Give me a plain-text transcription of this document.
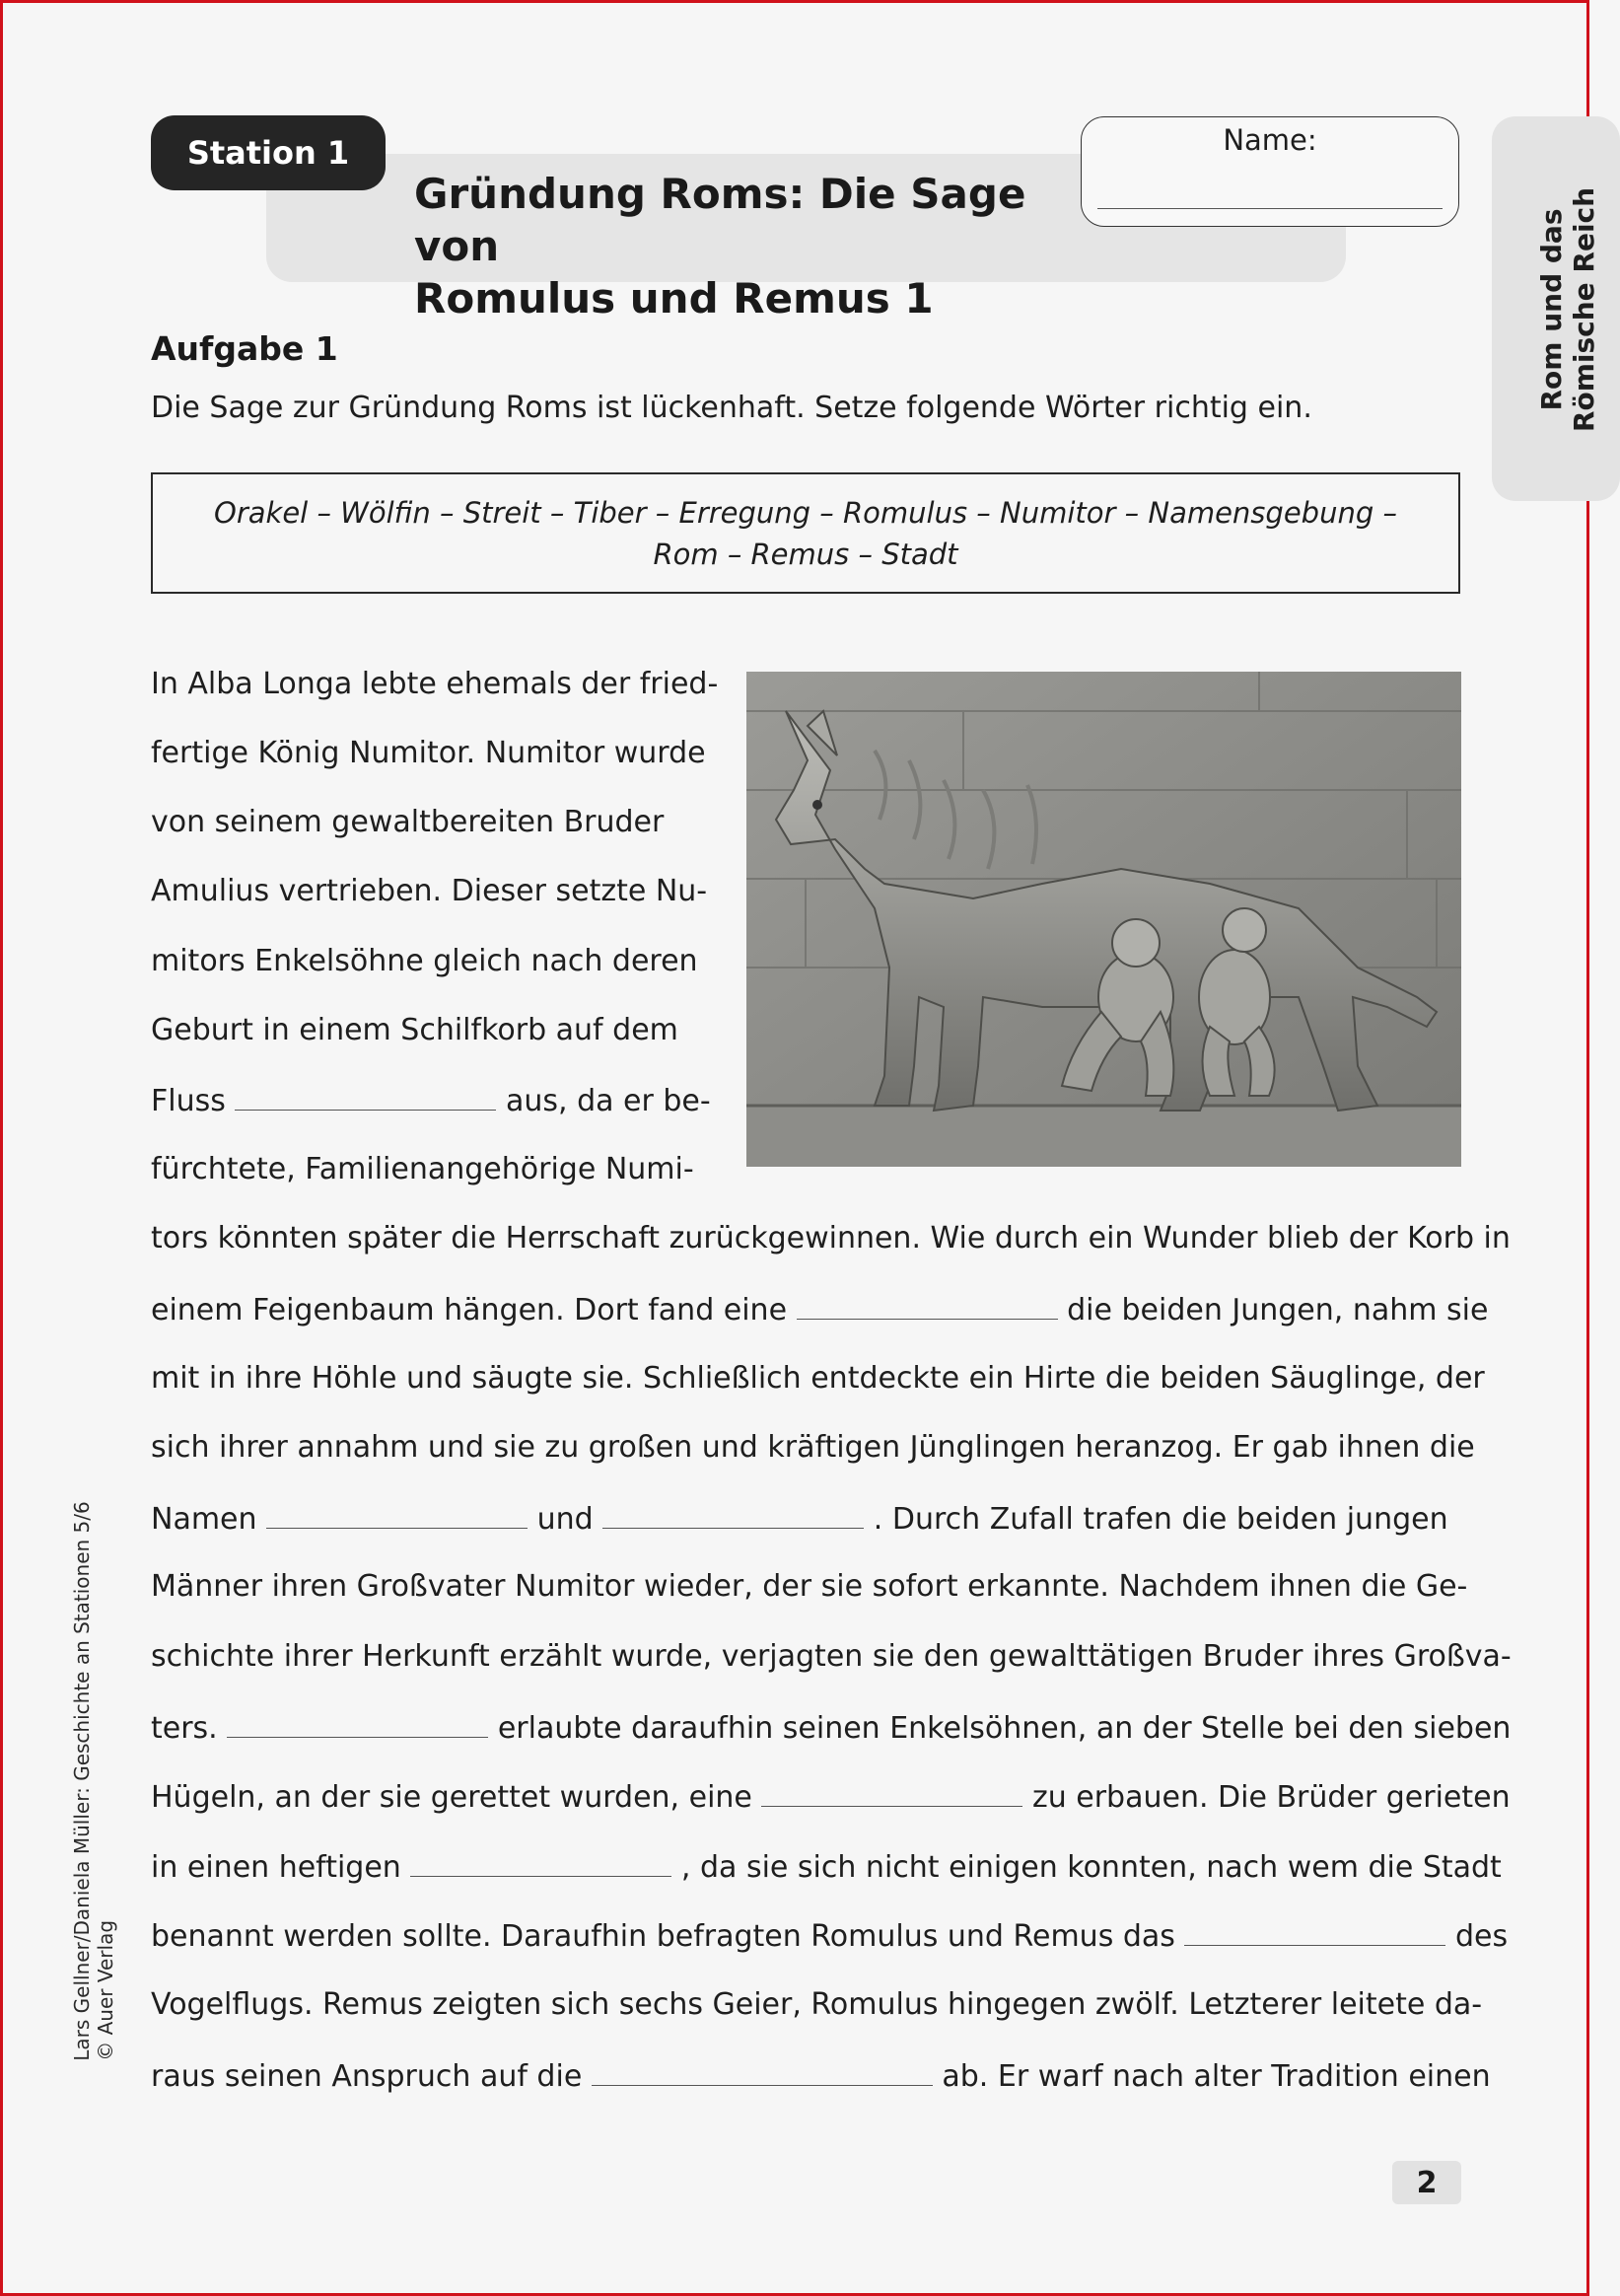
Station 1
Gründung Roms: Die Sage von
Romulus und Remus 1
Name:
Rom und das Römische Reich
Aufgabe 1
Die Sage zur Gründung Roms ist lückenhaft. Setze folgende Wörter richtig ein.
Orakel – Wölfin – Streit – Tiber – Erregung – Romulus – Numitor – Namensgebung –
Rom – Remus – Stadt
In Alba Longa lebte ehemals der fried-
fertige König Numitor. Numitor wurde
von seinem gewaltbereiten Bruder
Amulius vertrieben. Dieser setzte Nu-
mitors Enkelsöhne gleich nach deren
Geburt in einem Schilfkorb auf dem
Fluss	aus, da er be-
fürchtete, Familienangehörige Numi-
tors könnten später die Herrschaft zurückgewinnen. Wie durch ein Wunder blieb der Korb in
einem Feigenbaum hängen. Dort fand eine	die beiden Jungen, nahm sie
mit in ihre Höhle und säugte sie. Schließlich entdeckte ein Hirte die beiden Säuglinge, der
sich ihrer annahm und sie zu großen und kräftigen Jünglingen heranzog. Er gab ihnen die
Namen	und	. Durch Zufall trafen die beiden jungen
Männer ihren Großvater Numitor wieder, der sie sofort erkannte. Nachdem ihnen die Ge-
schichte ihrer Herkunft erzählt wurde, verjagten sie den gewalttätigen Bruder ihres Großva-
ters.	erlaubte daraufhin seinen Enkelsöhnen, an der Stelle bei den sieben
Hügeln, an der sie gerettet wurden, eine	zu erbauen. Die Brüder gerieten
in einen heftigen	, da sie sich nicht einigen konnten, nach wem die Stadt
benannt werden sollte. Daraufhin befragten Romulus und Remus das	des
Vogelflugs. Remus zeigten sich sechs Geier, Romulus hingegen zwölf. Letzterer leitete da-
raus seinen Anspruch auf die	ab. Er warf nach alter Tradition einen
Lars Gellner/Daniela Müller: Geschichte an Stationen 5/6 © Auer Verlag
2
